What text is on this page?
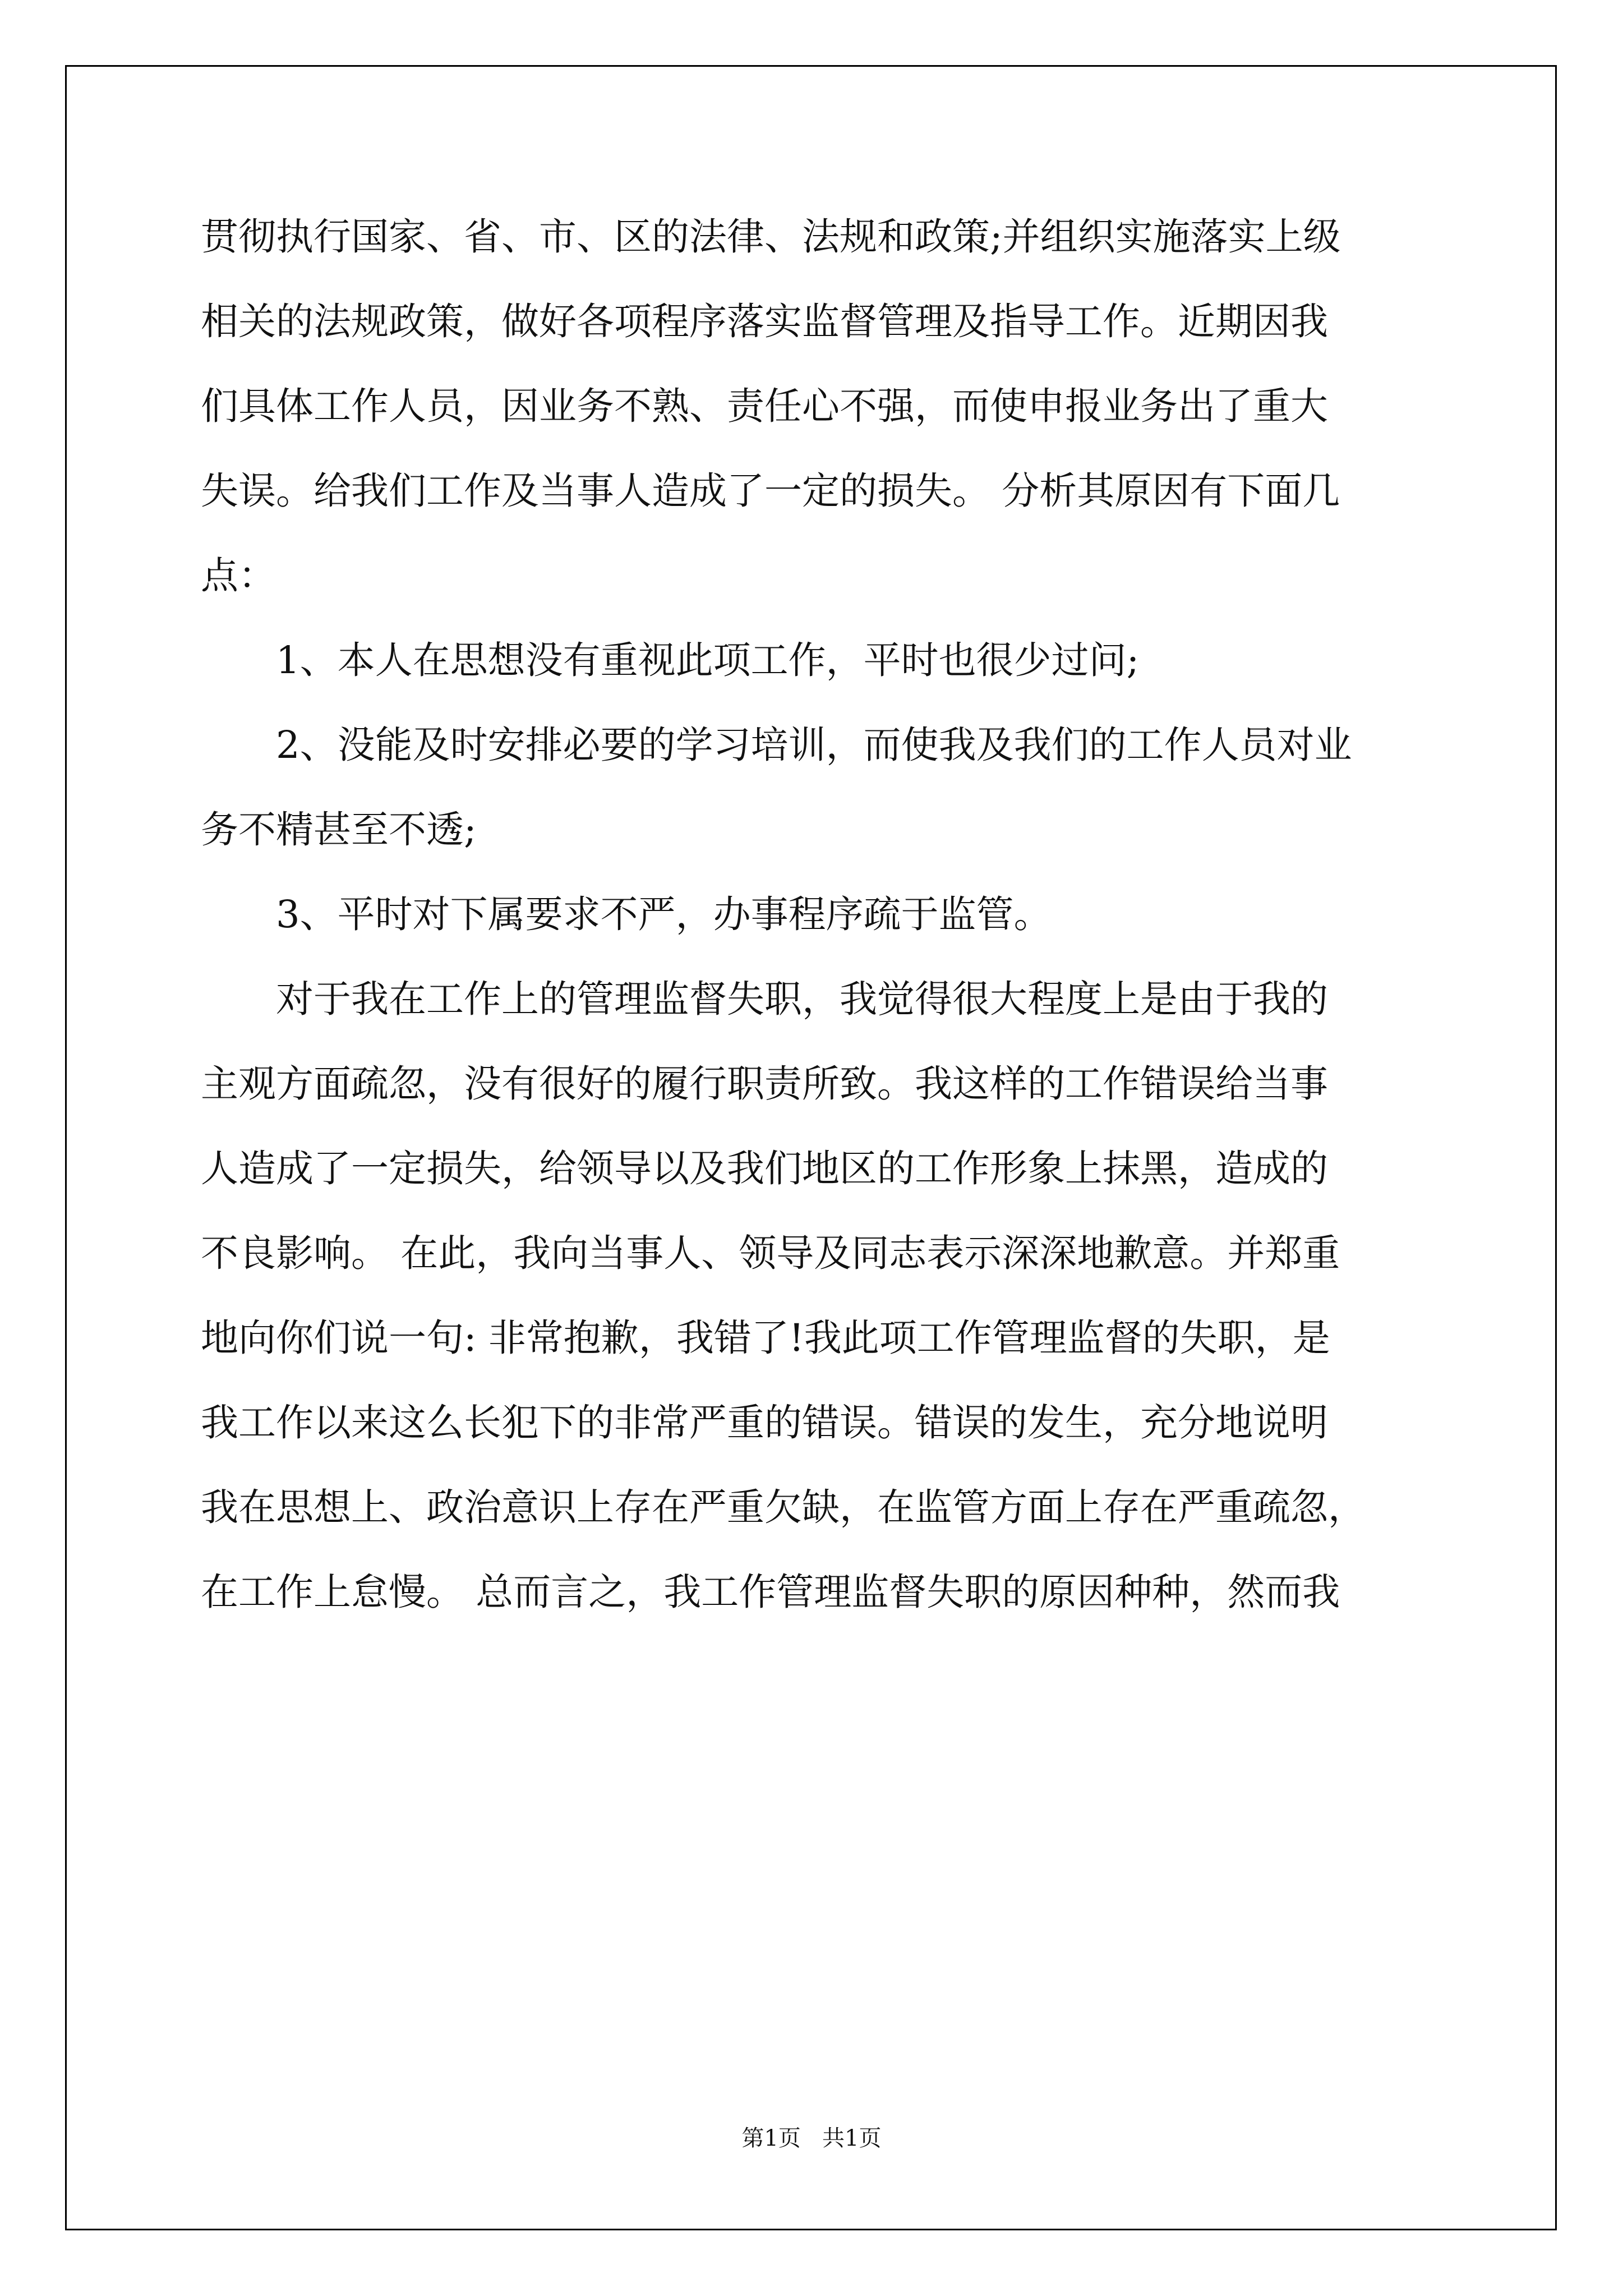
贯彻执行国家、省、市、区的法律、法规和政策;并组织实施落实上级
相关的法规政策，做好各项程序落实监督管理及指导工作。近期因我
们具体工作人员，因业务不熟、责任心不强，而使申报业务出了重大
失误。给我们工作及当事人造成了一定的损失。 分析其原因有下面几
点：
1、本人在思想没有重视此项工作，平时也很少过问;
2、没能及时安排必要的学习培训，而使我及我们的工作人员对业
务不精甚至不透;
3、平时对下属要求不严，办事程序疏于监管。
对于我在工作上的管理监督失职，我觉得很大程度上是由于我的
主观方面疏忽，没有很好的履行职责所致。我这样的工作错误给当事
人造成了一定损失，给领导以及我们地区的工作形象上抹黑，造成的
不良影响。 在此，我向当事人、领导及同志表示深深地歉意。并郑重
地向你们说一句: 非常抱歉，我错了!我此项工作管理监督的失职，是
我工作以来这么长犯下的非常严重的错误。错误的发生，充分地说明
我在思想上、政治意识上存在严重欠缺，在监管方面上存在严重疏忽，
在工作上怠慢。 总而言之，我工作管理监督失职的原因种种，然而我
第1页   共1页
